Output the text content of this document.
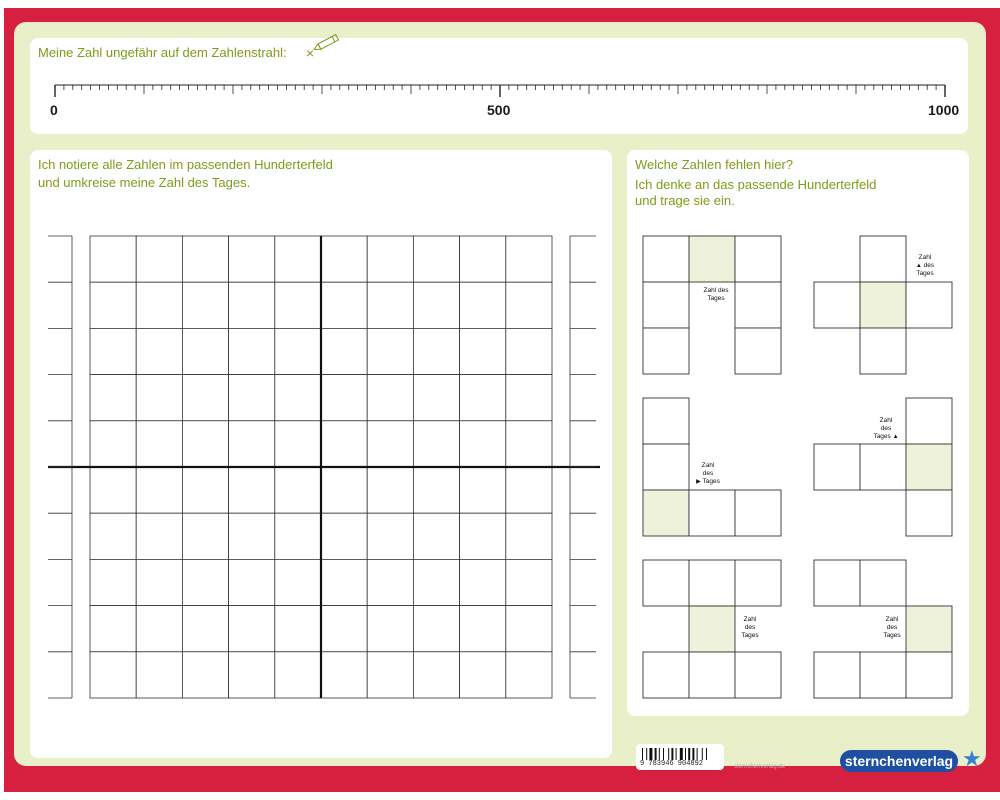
Meine Zahl ungefähr auf dem Zahlenstrahl: ×
0	500	1000
Ich notiere alle Zahlen im passenden Hunderterfeld
und umkreise meine Zahl des Tages.
Welche Zahlen fehlen hier?
Ich denke an das passende Hunderterfeld
und trage sie ein.
Zahl des
Tages
Zahl
▲ des
Tages
Zahl
des
Tages ▲
Zahl
des
▶ Tages
Zahl
des
Tages
Zahl
des
Tages
9 783946 904892	sternchenverlag.de	sternchenverlag ★
